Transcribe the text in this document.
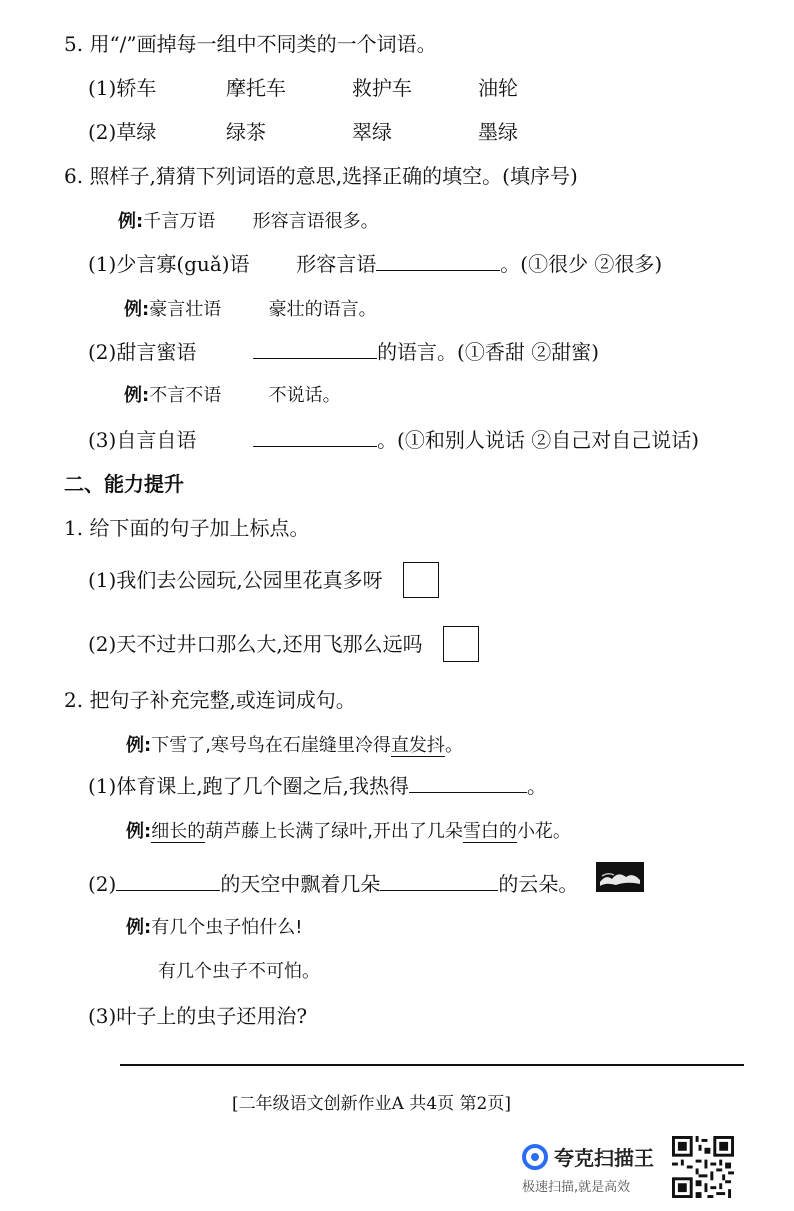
5. 用“/”画掉每一组中不同类的一个词语。
(1)轿车	摩托车	救护车	油轮
(2)草绿	绿茶	翠绿	墨绿
6. 照样子,猜猜下列词语的意思,选择正确的填空。(填序号)
例:千言万语 形容言语很多。
(1)少言寡(guǎ)语 形容言语	。(①很少 ②很多)
例:豪言壮语	豪壮的语言。
(2)甜言蜜语	的语言。(①香甜 ②甜蜜)
例:不言不语	不说话。
(3)自言自语	。(①和别人说话 ②自己对自己说话)
二、能力提升
1. 给下面的句子加上标点。
(1)我们去公园玩,公园里花真多呀
(2)天不过井口那么大,还用飞那么远吗
2. 把句子补充完整,或连词成句。
例:下雪了,寒号鸟在石崖缝里冷得直发抖。
(1)体育课上,跑了几个圈之后,我热得	。
例:细长的葫芦藤上长满了绿叶,开出了几朵雪白的小花。
(2)	的天空中飘着几朵	的云朵。
例:有几个虫子怕什么!
有几个虫子不可怕。
(3)叶子上的虫子还用治?
[二年级语文创新作业A 共4页 第2页]
夸克扫描王
极速扫描,就是高效
